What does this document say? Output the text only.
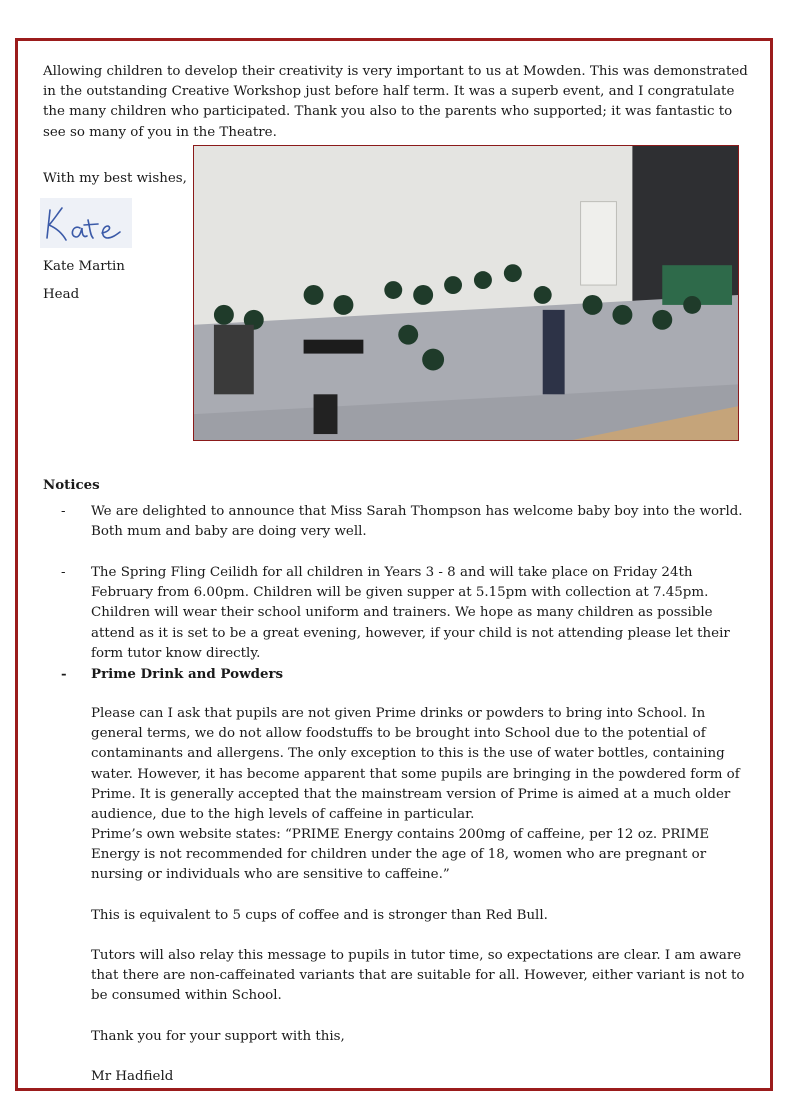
Allowing children to develop their creativity is very important to us at Mowden. This was demonstrated in the outstanding Creative Workshop just before half term. It was a superb event, and I congratulate the many children who participated. Thank you also to the parents who supported; it was fantastic to see so many of you in the Theatre.

With my best wishes,
Kate Martin
Head
Notices
- We are delighted to announce that Miss Sarah Thompson has welcome baby boy into the world. Both mum and baby are doing very well.

- The Spring Fling Ceilidh for all children in Years 3 - 8 and will take place on Friday 24th February from 6.00pm. Children will be given supper at 5.15pm with collection at 7.45pm. Children will wear their school uniform and trainers. We hope as many children as possible attend as it is set to be a great evening, however, if your child is not attending please let their form tutor know directly.

- Prime Drink and Powders

Please can I ask that pupils are not given Prime drinks or powders to bring into School. In general terms, we do not allow foodstuffs to be brought into School due to the potential of contaminants and allergens. The only exception to this is the use of water bottles, containing water. However, it has become apparent that some pupils are bringing in the powdered form of Prime. It is generally accepted that the mainstream version of Prime is aimed at a much older audience, due to the high levels of caffeine in particular.

Prime’s own website states: “PRIME Energy contains 200mg of caffeine, per 12 oz. PRIME Energy is not recommended for children under the age of 18, women who are pregnant or nursing or individuals who are sensitive to caffeine.”

This is equivalent to 5 cups of coffee and is stronger than Red Bull.

Tutors will also relay this message to pupils in tutor time, so expectations are clear. I am aware that there are non-caffeinated variants that are suitable for all. However, either variant is not to be consumed within School.

Thank you for your support with this,

Mr Hadfield
